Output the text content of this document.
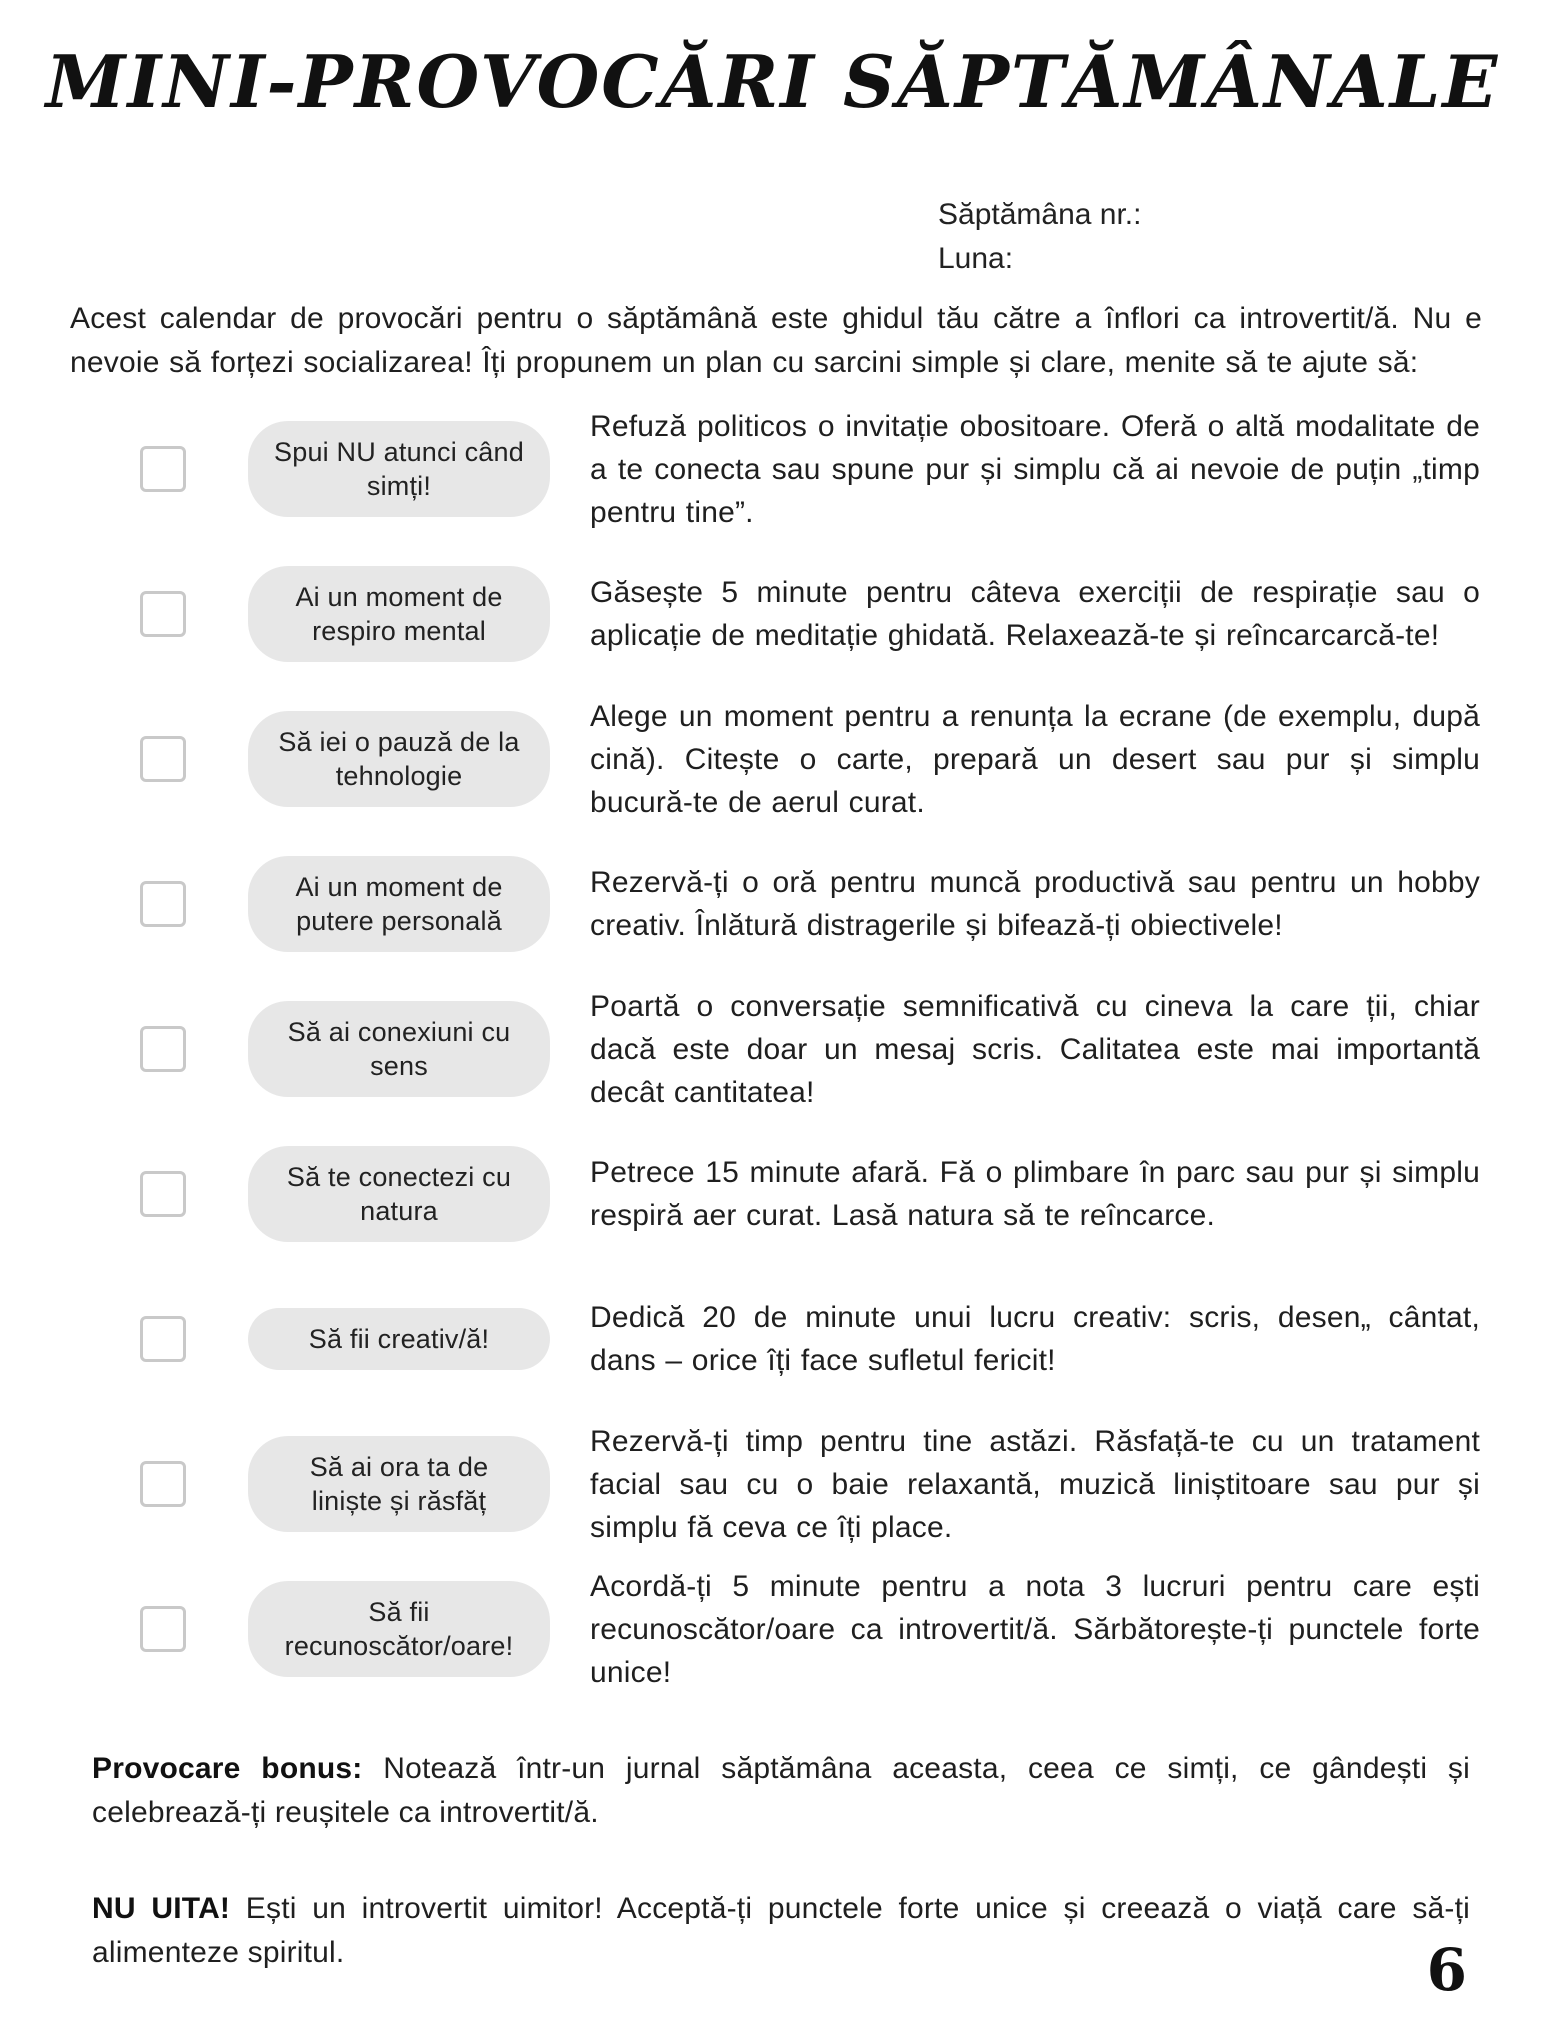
MINI-PROVOCĂRI SĂPTĂMÂNALE
Săptămâna nr.:
Luna:

Acest calendar de provocări pentru o săptămână este ghidul tău către a înflori ca introvertit/ă. Nu e nevoie să forțezi socializarea! Îți propunem un plan cu sarcini simple și clare, menite să te ajute să:

Spui NU atunci când simți!

Refuză politicos o invitație obositoare. Oferă o altă modalitate de a te conecta sau spune pur și simplu că ai nevoie de puțin „timp pentru tine”.

Ai un moment de respiro mental

Găsește 5 minute pentru câteva exerciții de respirație sau o aplicație de meditație ghidată. Relaxează-te și reîncarcarcă-te!

Să iei o pauză de la tehnologie

Alege un moment pentru a renunța la ecrane (de exemplu, după cină). Citește o carte, prepară un desert sau pur și simplu bucură-te de aerul curat.

Ai un moment de putere personală

Rezervă-ți o oră pentru muncă productivă sau pentru un hobby creativ. Înlătură distragerile și bifează-ți obiectivele!

Să ai conexiuni cu sens

Poartă o conversație semnificativă cu cineva la care ții, chiar dacă este doar un mesaj scris. Calitatea este mai importantă decât cantitatea!

Să te conectezi cu natura

Petrece 15 minute afară. Fă o plimbare în parc sau pur și simplu respiră aer curat. Lasă natura să te reîncarce.

Să fii creativ/ă!

Dedică 20 de minute unui lucru creativ: scris, desen„ cântat, dans – orice îți face sufletul fericit!

Să ai ora ta de liniște și răsfăț

Rezervă-ți timp pentru tine astăzi. Răsfață-te cu un tratament facial sau cu o baie relaxantă, muzică liniștitoare sau pur și simplu fă ceva ce îți place.

Să fii recunoscător/oare!

Acordă-ți 5 minute pentru a nota 3 lucruri pentru care ești recunoscător/oare ca introvertit/ă. Sărbătorește-ți punctele forte unice!

Provocare bonus: Notează într-un jurnal săptămâna aceasta, ceea ce simți, ce gândești și celebrează-ți reușitele ca introvertit/ă.

NU UITA! Ești un introvertit uimitor! Acceptă-ți punctele forte unice și creează o viață care să-ți alimenteze spiritul.	6
